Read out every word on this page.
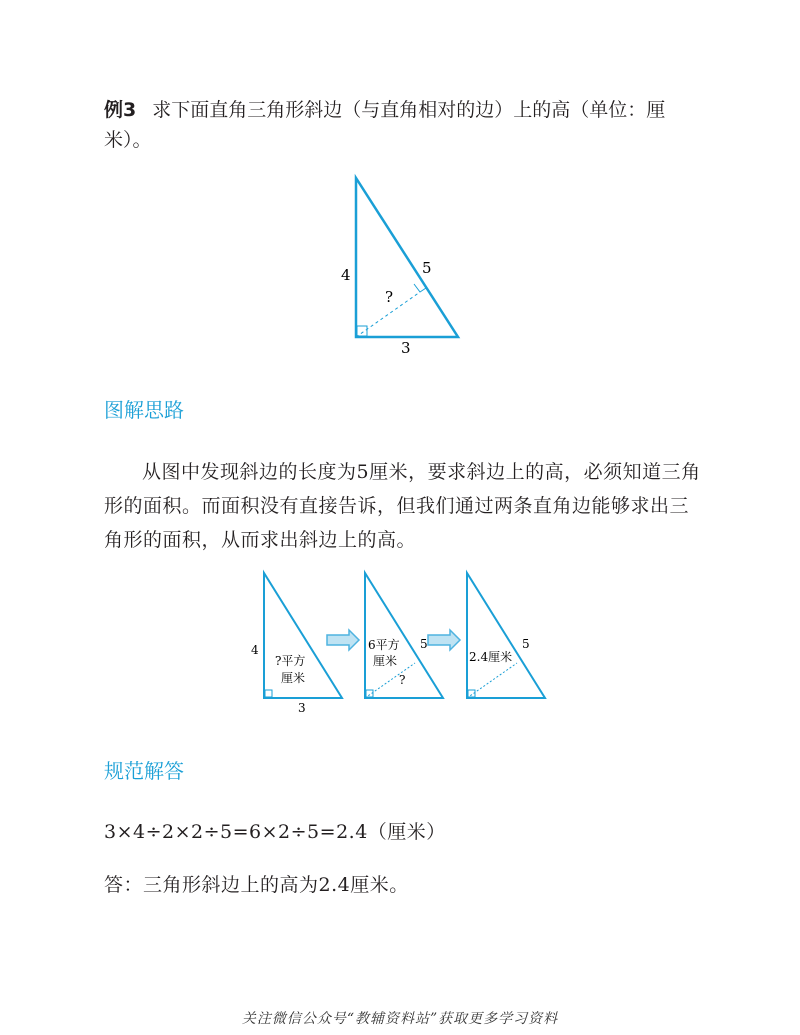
例3 求下面直角三角形斜边（与直角相对的边）上的高（单位：厘
米）。
4	5
?
3
图解思路
从图中发现斜边的长度为5厘米，要求斜边上的高，必须知道三角
形的面积。而面积没有直接告诉，但我们通过两条直角边能够求出三
角形的面积，从而求出斜边上的高。
4
?平方
厘米
3
6平方
厘米
5
?
2.4厘米
5
规范解答
3×4÷2×2÷5=6×2÷5=2.4（厘米）
答：三角形斜边上的高为2.4厘米。
关注微信公众号“教辅资料站”获取更多学习资料
